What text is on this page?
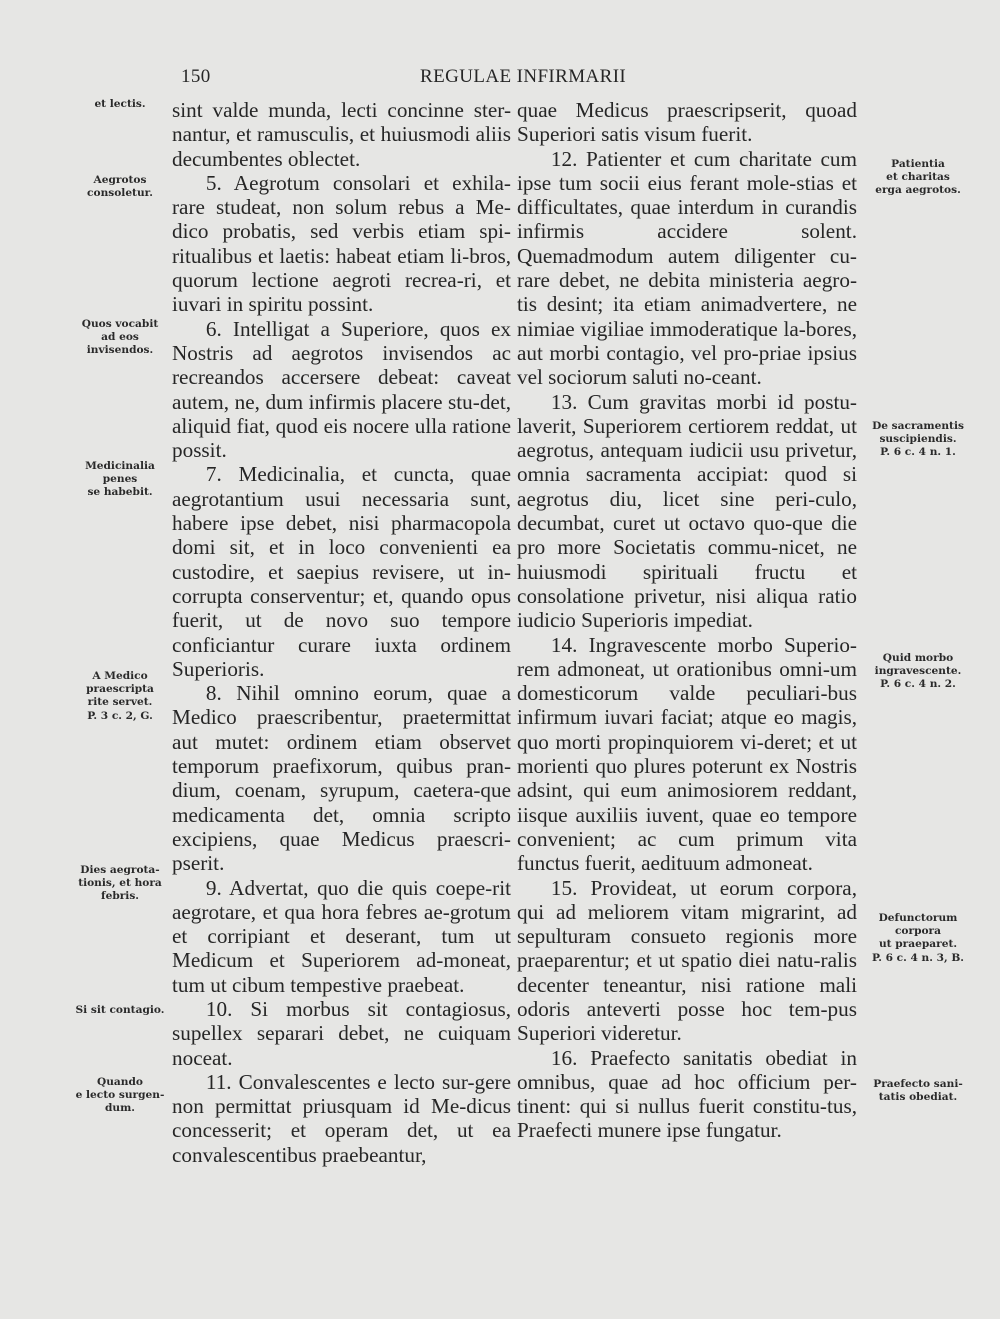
150	REGULAE INFIRMARII

sint valde munda, lecti concinne ster-nantur, et ramusculis, et huiusmodi aliis decumbentes oblectet.

5. Aegrotum consolari et exhila-rare studeat, non solum rebus a Me-dico probatis, sed verbis etiam spi-ritualibus et laetis: habeat etiam li-bros, quorum lectione aegroti recrea-ri, et iuvari in spiritu possint.

6. Intelligat a Superiore, quos ex Nostris ad aegrotos invisendos ac recreandos accersere debeat: caveat autem, ne, dum infirmis placere stu-det, aliquid fiat, quod eis nocere ulla ratione possit.

7. Medicinalia, et cuncta, quae aegrotantium usui necessaria sunt, habere ipse debet, nisi pharmacopola domi sit, et in loco convenienti ea custodire, et saepius revisere, ut in-corrupta conserventur; et, quando opus fuerit, ut de novo suo tempore conficiantur curare iuxta ordinem Superioris.

8. Nihil omnino eorum, quae a Medico praescribentur, praetermittat aut mutet: ordinem etiam observet temporum praefixorum, quibus pran-dium, coenam, syrupum, caetera-que medicamenta det, omnia scripto excipiens, quae Medicus praescri-pserit.

9. Advertat, quo die quis coepe-rit aegrotare, et qua hora febres ae-grotum et corripiant et deserant, tum ut Medicum et Superiorem ad-moneat, tum ut cibum tempestive praebeat.

10. Si morbus sit contagiosus, supellex separari debet, ne cuiquam noceat.

11. Convalescentes e lecto sur-gere non permittat priusquam id Me-dicus concesserit; et operam det, ut ea convalescentibus praebeantur,

quae Medicus praescripserit, quoad Superiori satis visum fuerit.

12. Patienter et cum charitate cum ipse tum socii eius ferant mole-stias et difficultates, quae interdum in curandis infirmis accidere solent. Quemadmodum autem diligenter cu-rare debet, ne debita ministeria aegro-tis desint; ita etiam animadvertere, ne nimiae vigiliae immoderatique la-bores, aut morbi contagio, vel pro-priae ipsius vel sociorum saluti no-ceant.

13. Cum gravitas morbi id postu-laverit, Superiorem certiorem reddat, ut aegrotus, antequam iudicii usu privetur, omnia sacramenta accipiat: quod si aegrotus diu, licet sine peri-culo, decumbat, curet ut octavo quo-que die pro more Societatis commu-nicet, ne huiusmodi spirituali fructu et consolatione privetur, nisi aliqua ratio iudicio Superioris impediat.

14. Ingravescente morbo Superio-rem admoneat, ut orationibus omni-um domesticorum valde peculiari-bus infirmum iuvari faciat; atque eo magis, quo morti propinquiorem vi-deret; et ut morienti quo plures poterunt ex Nostris adsint, qui eum animosiorem reddant, iisque auxiliis iuvent, quae eo tempore convenient; ac cum primum vita functus fuerit, aedituum admoneat.

15. Provideat, ut eorum corpora, qui ad meliorem vitam migrarint, ad sepulturam consueto regionis more praeparentur; et ut spatio diei natu-ralis decenter teneantur, nisi ratione mali odoris anteverti posse hoc tem-pus Superiori videretur.

16. Praefecto sanitatis obediat in omnibus, quae ad hoc officium per-tinent: qui si nullus fuerit constitu-tus, Praefecti munere ipse fungatur.

et lectis.
Aegrotos
consoletur.
Quos vocabit
ad eos
invisendos.
Medicinalia
penes
se habebit.
A Medico
praescripta
rite servet.
P. 3 c. 2, G.
Dies aegrota-
tionis, et hora
febris.
Si sit contagio.
Quando
e lecto surgen-
dum.
Patientia
et charitas
erga aegrotos.
De sacramentis
suscipiendis.
P. 6 c. 4 n. 1.
Quid morbo
ingravescente.
P. 6 c. 4 n. 2.
Defunctorum
corpora
ut praeparet.
P. 6 c. 4 n. 3, B.
Praefecto sani-
tatis obediat.
